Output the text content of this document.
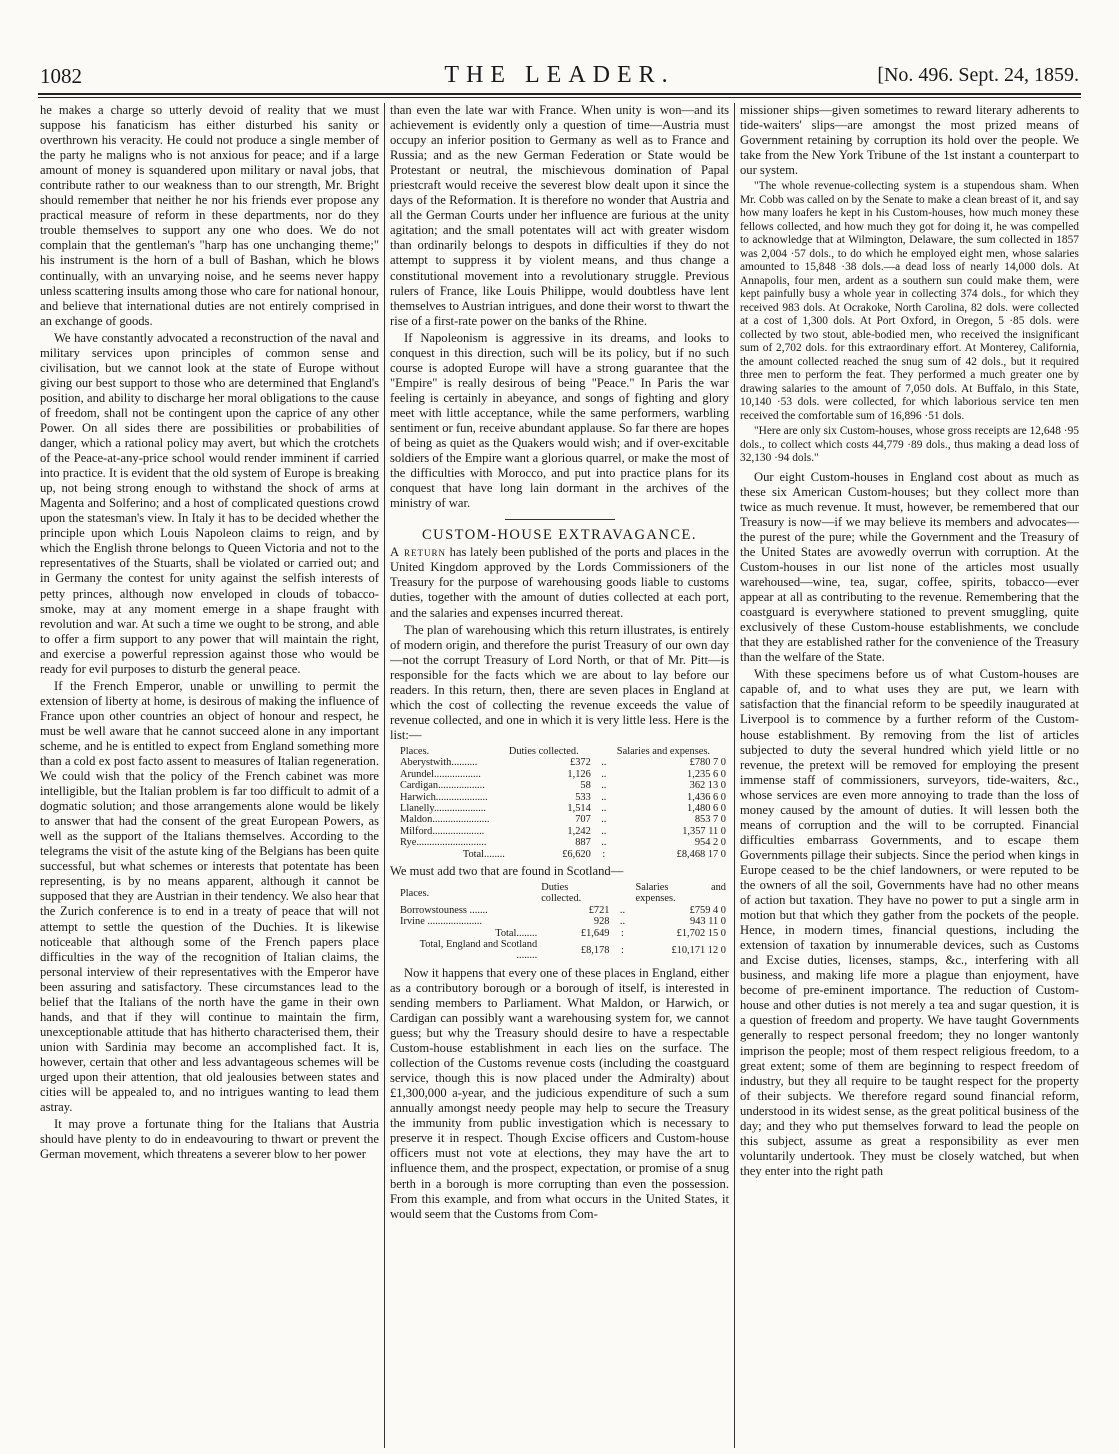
1082	THE LEADER.	[No. 496. Sept. 24, 1859.

he makes a charge so utterly devoid of reality that we must suppose his fanaticism has either disturbed his sanity or overthrown his veracity. He could not produce a single member of the party he maligns who is not anxious for peace; and if a large amount of money is squandered upon military or naval jobs, that contribute rather to our weakness than to our strength, Mr. Bright should remember that neither he nor his friends ever propose any practical measure of reform in these departments, nor do they trouble themselves to support any one who does. We do not complain that the gentleman's "harp has one unchanging theme;" his instrument is the horn of a bull of Bashan, which he blows continually, with an unvarying noise, and he seems never happy unless scattering insults among those who care for national honour, and believe that international duties are not entirely comprised in an exchange of goods.

We have constantly advocated a reconstruction of the naval and military services upon principles of common sense and civilisation, but we cannot look at the state of Europe without giving our best support to those who are determined that England's position, and ability to discharge her moral obligations to the cause of freedom, shall not be contingent upon the caprice of any other Power. On all sides there are possibilities or probabilities of danger, which a rational policy may avert, but which the crotchets of the Peace-at-any-price school would render imminent if carried into practice. It is evident that the old system of Europe is breaking up, not being strong enough to withstand the shock of arms at Magenta and Solferino; and a host of complicated questions crowd upon the statesman's view. In Italy it has to be decided whether the principle upon which Louis Napoleon claims to reign, and by which the English throne belongs to Queen Victoria and not to the representatives of the Stuarts, shall be violated or carried out; and in Germany the contest for unity against the selfish interests of petty princes, although now enveloped in clouds of tobacco-smoke, may at any moment emerge in a shape fraught with revolution and war. At such a time we ought to be strong, and able to offer a firm support to any power that will maintain the right, and exercise a powerful repression against those who would be ready for evil purposes to disturb the general peace.

If the French Emperor, unable or unwilling to permit the extension of liberty at home, is desirous of making the influence of France upon other countries an object of honour and respect, he must be well aware that he cannot succeed alone in any important scheme, and he is entitled to expect from England something more than a cold ex post facto assent to measures of Italian regeneration. We could wish that the policy of the French cabinet was more intelligible, but the Italian problem is far too difficult to admit of a dogmatic solution; and those arrangements alone would be likely to answer that had the consent of the great European Powers, as well as the support of the Italians themselves. According to the telegrams the visit of the astute king of the Belgians has been quite successful, but what schemes or interests that potentate has been representing, is by no means apparent, although it cannot be supposed that they are Austrian in their tendency. We also hear that the Zurich conference is to end in a treaty of peace that will not attempt to settle the question of the Duchies. It is likewise noticeable that although some of the French papers place difficulties in the way of the recognition of Italian claims, the personal interview of their representatives with the Emperor have been assuring and satisfactory. These circumstances lead to the belief that the Italians of the north have the game in their own hands, and that if they will continue to maintain the firm, unexceptionable attitude that has hitherto characterised them, their union with Sardinia may become an accomplished fact. It is, however, certain that other and less advantageous schemes will be urged upon their attention, that old jealousies between states and cities will be appealed to, and no intrigues wanting to lead them astray.

It may prove a fortunate thing for the Italians that Austria should have plenty to do in endeavouring to thwart or prevent the German movement, which threatens a severer blow to her power

than even the late war with France. When unity is won—and its achievement is evidently only a question of time—Austria must occupy an inferior position to Germany as well as to France and Russia; and as the new German Federation or State would be Protestant or neutral, the mischievous domination of Papal priestcraft would receive the severest blow dealt upon it since the days of the Reformation. It is therefore no wonder that Austria and all the German Courts under her influence are furious at the unity agitation; and the small potentates will act with greater wisdom than ordinarily belongs to despots in difficulties if they do not attempt to suppress it by violent means, and thus change a constitutional movement into a revolutionary struggle. Previous rulers of France, like Louis Philippe, would doubtless have lent themselves to Austrian intrigues, and done their worst to thwart the rise of a first-rate power on the banks of the Rhine.

If Napoleonism is aggressive in its dreams, and looks to conquest in this direction, such will be its policy, but if no such course is adopted Europe will have a strong guarantee that the "Empire" is really desirous of being "Peace." In Paris the war feeling is certainly in abeyance, and songs of fighting and glory meet with little acceptance, while the same performers, warbling sentiment or fun, receive abundant applause. So far there are hopes of being as quiet as the Quakers would wish; and if over-excitable soldiers of the Empire want a glorious quarrel, or make the most of the difficulties with Morocco, and put into practice plans for its conquest that have long lain dormant in the archives of the ministry of war.

CUSTOM-HOUSE EXTRAVAGANCE.

A return has lately been published of the ports and places in the United Kingdom approved by the Lords Commissioners of the Treasury for the purpose of warehousing goods liable to customs duties, together with the amount of duties collected at each port, and the salaries and expenses incurred thereat.

The plan of warehousing which this return illustrates, is entirely of modern origin, and therefore the purist Treasury of our own day—not the corrupt Treasury of Lord North, or that of Mr. Pitt—is responsible for the facts which we are about to lay before our readers. In this return, then, there are seven places in England at which the cost of collecting the revenue exceeds the value of revenue collected, and one in which it is very little less. Here is the list:—

Places.	Duties collected.		Salaries and expenses.
Aberystwith..........	£372	..	£780 7 0
Arundel..................	1,126	..	1,235 6 0
Cardigan..................	58	..	362 13 0
Harwich....................	533	..	1,436 6 0
Llanelly....................	1,514	..	1,480 6 0
Maldon......................	707	..	853 7 0
Milford....................	1,242	..	1,357 11 0
Rye...........................	887	..	954 2 0
Total........	£6,620	:	£8,468 17 0

We must add two that are found in Scotland—

Places.	Duties collected.		Salaries and expenses.
Borrowstouness .......	£721	..	£759 4 0
Irvine .....................	928	..	943 11 0
Total........	£1,649	:	£1,702 15 0
Total, England and Scotland ........	£8,178	:	£10,171 12 0

Now it happens that every one of these places in England, either as a contributory borough or a borough of itself, is interested in sending members to Parliament. What Maldon, or Harwich, or Cardigan can possibly want a warehousing system for, we cannot guess; but why the Treasury should desire to have a respectable Custom-house establishment in each lies on the surface. The collection of the Customs revenue costs (including the coastguard service, though this is now placed under the Admiralty) about £1,300,000 a-year, and the judicious expenditure of such a sum annually amongst needy people may help to secure the Treasury the immunity from public investigation which is necessary to preserve it in respect. Though Excise officers and Custom-house officers must not vote at elections, they may have the art to influence them, and the prospect, expectation, or promise of a snug berth in a borough is more corrupting than even the possession. From this example, and from what occurs in the United States, it would seem that the Customs from Com-

missioner ships—given sometimes to reward literary adherents to tide-waiters' slips—are amongst the most prized means of Government retaining by corruption its hold over the people. We take from the New York Tribune of the 1st instant a counterpart to our system.

"The whole revenue-collecting system is a stupendous sham. When Mr. Cobb was called on by the Senate to make a clean breast of it, and say how many loafers he kept in his Custom-houses, how much money these fellows collected, and how much they got for doing it, he was compelled to acknowledge that at Wilmington, Delaware, the sum collected in 1857 was 2,004 ·57 dols., to do which he employed eight men, whose salaries amounted to 15,848 ·38 dols.—a dead loss of nearly 14,000 dols. At Annapolis, four men, ardent as a southern sun could make them, were kept painfully busy a whole year in collecting 374 dols., for which they received 983 dols. At Ocrakoke, North Carolina, 82 dols. were collected at a cost of 1,300 dols. At Port Oxford, in Oregon, 5 ·85 dols. were collected by two stout, able-bodied men, who received the insignificant sum of 2,702 dols. for this extraordinary effort. At Monterey, California, the amount collected reached the snug sum of 42 dols., but it required three men to perform the feat. They performed a much greater one by drawing salaries to the amount of 7,050 dols. At Buffalo, in this State, 10,140 ·53 dols. were collected, for which laborious service ten men received the comfortable sum of 16,896 ·51 dols.

"Here are only six Custom-houses, whose gross receipts are 12,648 ·95 dols., to collect which costs 44,779 ·89 dols., thus making a dead loss of 32,130 ·94 dols."

Our eight Custom-houses in England cost about as much as these six American Custom-houses; but they collect more than twice as much revenue. It must, however, be remembered that our Treasury is now—if we may believe its members and advocates—the purest of the pure; while the Government and the Treasury of the United States are avowedly overrun with corruption. At the Custom-houses in our list none of the articles most usually warehoused—wine, tea, sugar, coffee, spirits, tobacco—ever appear at all as contributing to the revenue. Remembering that the coastguard is everywhere stationed to prevent smuggling, quite exclusively of these Custom-house establishments, we conclude that they are established rather for the convenience of the Treasury than the welfare of the State.

With these specimens before us of what Custom-houses are capable of, and to what uses they are put, we learn with satisfaction that the financial reform to be speedily inaugurated at Liverpool is to commence by a further reform of the Custom-house establishment. By removing from the list of articles subjected to duty the several hundred which yield little or no revenue, the pretext will be removed for employing the present immense staff of commissioners, surveyors, tide-waiters, &c., whose services are even more annoying to trade than the loss of money caused by the amount of duties. It will lessen both the means of corruption and the will to be corrupted. Financial difficulties embarrass Governments, and to escape them Governments pillage their subjects. Since the period when kings in Europe ceased to be the chief landowners, or were reputed to be the owners of all the soil, Governments have had no other means of action but taxation. They have no power to put a single arm in motion but that which they gather from the pockets of the people. Hence, in modern times, financial questions, including the extension of taxation by innumerable devices, such as Customs and Excise duties, licenses, stamps, &c., interfering with all business, and making life more a plague than enjoyment, have become of pre-eminent importance. The reduction of Custom-house and other duties is not merely a tea and sugar question, it is a question of freedom and property. We have taught Governments generally to respect personal freedom; they no longer wantonly imprison the people; most of them respect religious freedom, to a great extent; some of them are beginning to respect freedom of industry, but they all require to be taught respect for the property of their subjects. We therefore regard sound financial reform, understood in its widest sense, as the great political business of the day; and they who put themselves forward to lead the people on this subject, assume as great a responsibility as ever men voluntarily undertook. They must be closely watched, but when they enter into the right path
